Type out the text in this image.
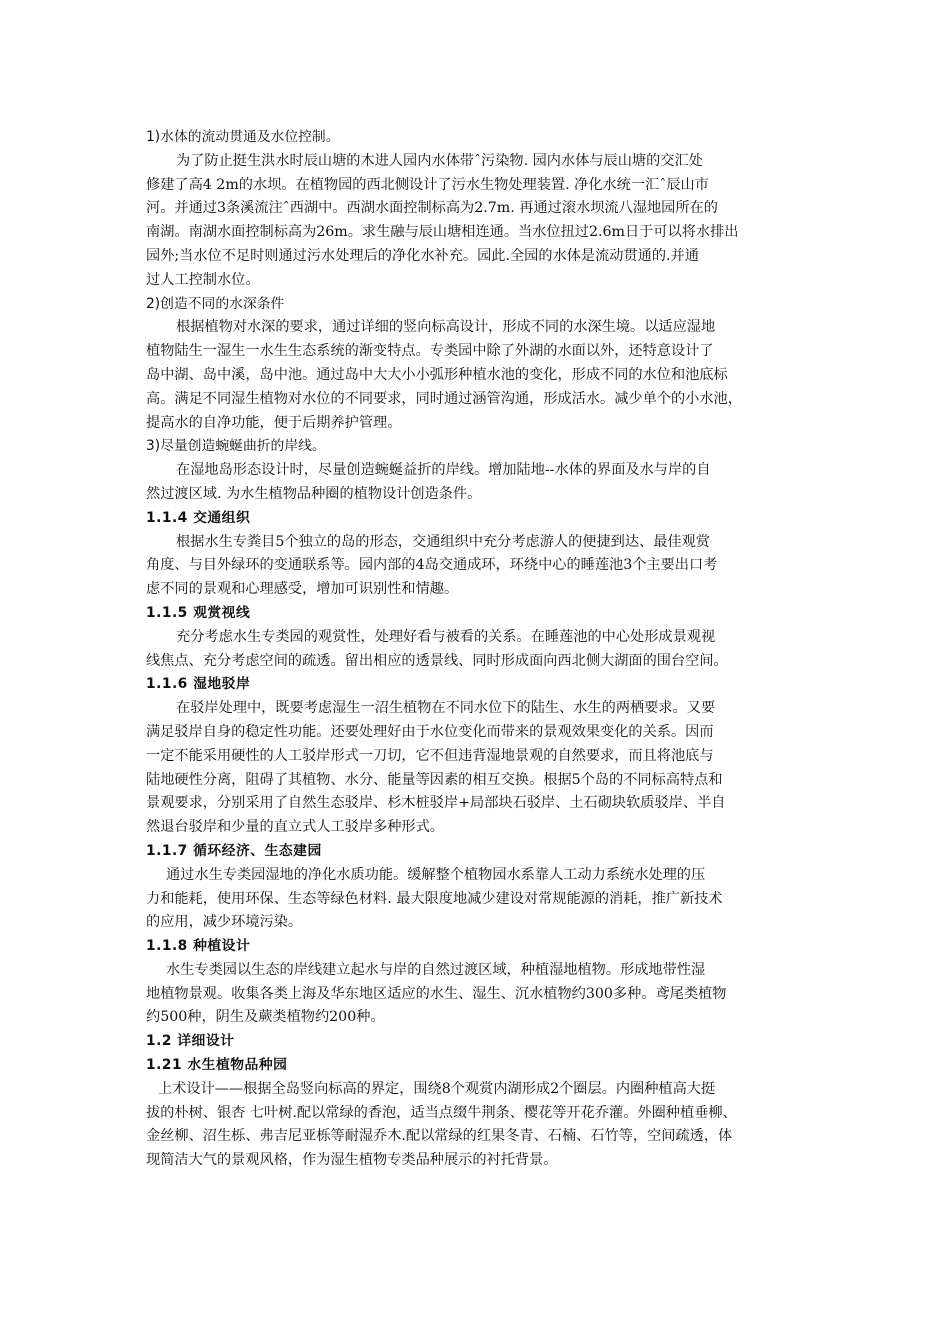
1)水体的流动贯通及水位控制。
为了防止挺生洪水时辰山塘的木进人园内水体带ˆ污染物. 园内水体与辰山塘的交汇处
修建了高4 2m的水坝。在植物园的西北侧设计了污水生物处理装置. 净化水统一汇ˆ辰山市
河。并通过3条溪流注ˆ西湖中。西湖水面控制标高为2.7m. 再通过滚水坝流八湿地园所在的
南湖。南湖水面控制标高为26m。求生融与辰山塘相连通。当水位扭过2.6m日于可以将水排出
园外;当水位不足时则通过污水处理后的净化水补充。园此.全园的水体是流动贯通的.并通
过人工控制水位。
2)创造不同的水深条件
根据植物对水深的要求，通过详细的竖向标高设计，形成不同的水深生境。以适应湿地
植物陆生一湿生一水生生态系统的渐变特点。专类园中除了外湖的水面以外，还特意设计了
岛中湖、岛中溪，岛中池。通过岛中大大小小弧形种植水池的变化，形成不同的水位和池底标
高。满足不同湿生植物对水位的不同要求，同时通过涵管沟通，形成活水。减少单个的小水池，
提高水的自净功能，便于后期养护管理。
3)尽量创造蜿蜒曲折的岸线。
在湿地岛形态设计时，尽量创造蜿蜒益折的岸线。增加陆地--水体的界面及水与岸的自
然过渡区域. 为水生植物品种圈的植物设计创造条件。
1.1.4 交通组织
根据水生专粪目5个独立的岛的形态，交通组织中充分考虑游人的便捷到达、最佳观赏
角度、与目外绿环的变通联系等。园内部的4岛交通成环，环绕中心的睡莲池3个主要出口考
虑不同的景观和心理感受，增加可识别性和情趣。
1.1.5 观赏视线
充分考虑水生专类园的观赏性，处理好看与被看的关系。在睡莲池的中心处形成景观视
线焦点、充分考虑空间的疏透。留出相应的透景线、同时形成面向西北侧大湖面的围台空间。
1.1.6 湿地驳岸
在驳岸处理中，既要考虑湿生一沼生植物在不同水位下的陆生、水生的两栖要求。又要
满足驳岸自身的稳定性功能。还要处理好由于水位变化而带来的景观效果变化的关系。因而
一定不能采用硬性的人工驳岸形式一刀切，它不但违背湿地景观的自然要求，而且将池底与
陆地硬性分离，阻碍了其植物、水分、能量等因素的相互交换。根据5个岛的不同标高特点和
景观要求，分别采用了自然生态驳岸、杉木桩驳岸+局部块石驳岸、土石砌块软质驳岸、半自
然退台驳岸和少量的直立式人工驳岸多种形式。
1.1.7 循环经济、生态建园
通过水生专类园湿地的净化水质功能。缓解整个植物园水系靠人工动力系统水处理的压
力和能耗，使用环保、生态等绿色材料. 最大限度地减少建设对常规能源的消耗，推广新技术
的应用，减少环境污染。
1.1.8 种植设计
水生专类园以生态的岸线建立起水与岸的自然过渡区域，种植湿地植物。形成地带性湿
地植物景观。收集各类上海及华东地区适应的水生、湿生、沉水植物约300多种。鸢尾类植物
约500种，阴生及蕨类植物约200种。
1.2 详细设计
1.21 水生植物品种园
上术设计——根据全岛竖向标高的界定，围绕8个观赏内湖形成2个圈层。内圈种植高大挺
拔的朴树、银杏 七叶树.配以常绿的香泡，适当点缀牛荆条、樱花等开花乔灌。外圈种植垂柳、
金丝柳、沼生栎、弗吉尼亚栎等耐湿乔木.配以常绿的红果冬青、石楠、石竹等，空间疏透，体
现简洁大气的景观风格，作为湿生植物专类品种展示的衬托背景。
